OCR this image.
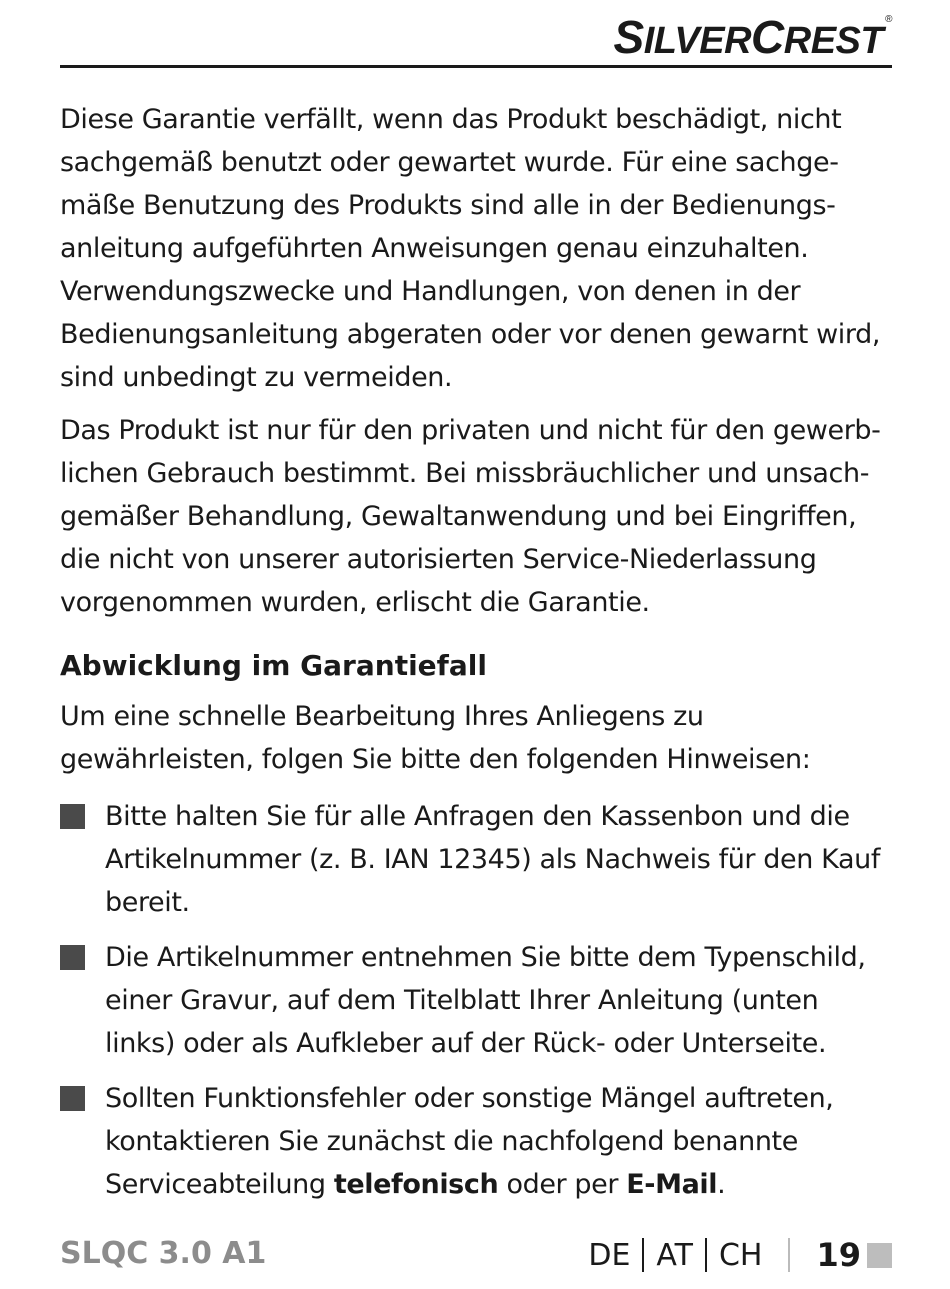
SILVERCREST®

Diese Garantie verfällt, wenn das Produkt beschädigt, nicht sachgemäß benutzt oder gewartet wurde. Für eine sachgemäße Benutzung des Produkts sind alle in der Bedienungsanleitung aufgeführten Anweisungen genau einzuhalten. Verwendungszwecke und Handlungen, von denen in der Bedienungsanleitung abgeraten oder vor denen gewarnt wird, sind unbedingt zu vermeiden.

Das Produkt ist nur für den privaten und nicht für den gewerblichen Gebrauch bestimmt. Bei missbräuchlicher und unsachgemäßer Behandlung, Gewaltanwendung und bei Eingriffen, die nicht von unserer autorisierten Service-Niederlassung vorgenommen wurden, erlischt die Garantie.

Abwicklung im Garantiefall

Um eine schnelle Bearbeitung Ihres Anliegens zu gewährleisten, folgen Sie bitte den folgenden Hinweisen:

Bitte halten Sie für alle Anfragen den Kassenbon und die Artikelnummer (z. B. IAN 12345) als Nachweis für den Kauf bereit.
Die Artikelnummer entnehmen Sie bitte dem Typenschild, einer Gravur, auf dem Titelblatt Ihrer Anleitung (unten links) oder als Aufkleber auf der Rück- oder Unterseite.
Sollten Funktionsfehler oder sonstige Mängel auftreten, kontaktieren Sie zunächst die nachfolgend benannte Serviceabteilung telefonisch oder per E-Mail.
SLQC 3.0 A1	DE AT CH 19
